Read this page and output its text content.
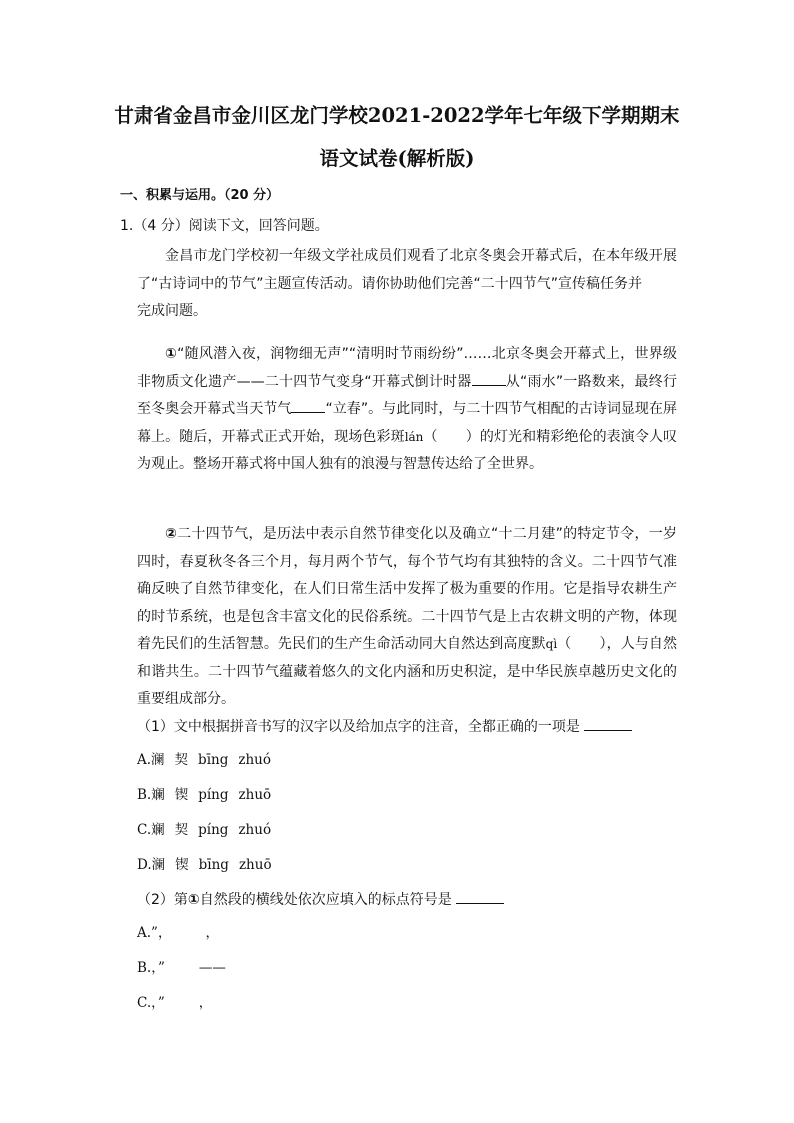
甘肃省金昌市金川区龙门学校2021-2022学年七年级下学期期末
语文试卷(解析版)
一、积累与运用。（20 分）
1.（4 分）阅读下文，回答问题。
金昌市龙门学校初一年级文学社成员们观看了北京冬奥会开幕式后，在本年级开展了“古诗词中的节气”主题宣传活动。请你协助他们完善“二十四节气”宣传稿任务并
完成问题。
①“随风潜入夜，润物细无声”“清明时节雨纷纷”……北京冬奥会开幕式上，世界级非物质文化遗产——二十四节气变身“开幕式倒计时器 从“雨水”一路数来，最终行至冬奥会开幕式当天节气 “立春”。与此同时，与二十四节气相配的古诗词显现在屏幕上。随后，开幕式正式开始，现场色彩斑lán（　　）的灯光和精彩绝伦的表演令人叹为观止。整场开幕式将中国人独有的浪漫与智慧传达给了全世界。
②二十四节气，是历法中表示自然节律变化以及确立“十二月建”的特定节令，一岁四时，春夏秋冬各三个月，每月两个节气，每个节气均有其独特的含义。二十四节气准确反映了自然节律变化，在人们日常生活中发挥了极为重要的作用。它是指导农耕生产的时节系统，也是包含丰富文化的民俗系统。二十四节气是上古农耕文明的产物，体现着先民们的生活智慧。先民们的生产生命活动同大自然达到高度默qì（　　），人与自然和谐共生。二十四节气蕴藏着悠久的文化内涵和历史积淀，是中华民族卓越历史文化的重要组成部分。
（1）文中根据拼音书写的汉字以及给加点字的注音，全都正确的一项是
A.澜 契 bīng zhuó
B.斓 锲 píng zhuō
C.斓 契 píng zhuó
D.澜 锲 bīng zhuō
（2）第①自然段的横线处依次应填入的标点符号是
A.”，	，
B.，”	——
C.，”	，
